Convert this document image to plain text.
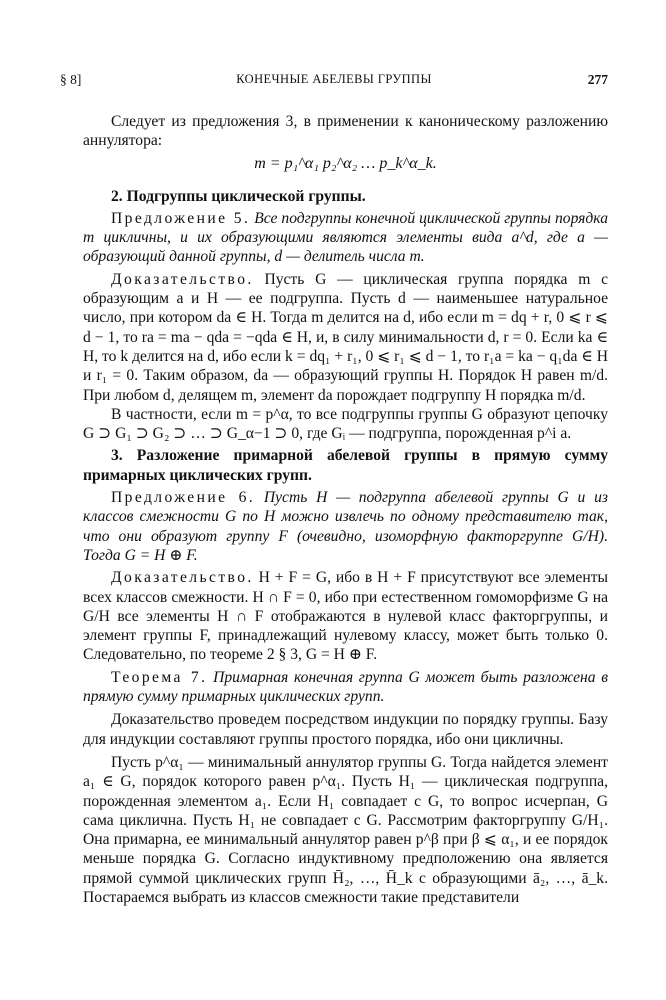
§ 8]	КОНЕЧНЫЕ АБЕЛЕВЫ ГРУППЫ	277

Следует из предложения 3, в применении к каноническому разложению аннулятора:

m = p₁^α₁ p₂^α₂ … p_k^α_k.

2. Подгруппы циклической группы.

Предложение 5. Все подгруппы конечной циклической группы порядка m цикличны, и их образующими являются элементы вида a^d, где a — образующий данной группы, d — делитель числа m.

Доказательство. Пусть G — циклическая группа порядка m с образующим a и H — ее подгруппа. Пусть d — наименьшее натуральное число, при котором da ∈ H. Тогда m делится на d, ибо если m = dq + r, 0 ⩽ r ⩽ d − 1, то ra = ma − qda = −qda ∈ H, и, в силу минимальности d, r = 0. Если ka ∈ H, то k делится на d, ибо если k = dq₁ + r₁, 0 ⩽ r₁ ⩽ d − 1, то r₁a = ka − q₁da ∈ H и r₁ = 0. Таким образом, da — образующий группы H. Порядок H равен m/d. При любом d, делящем m, элемент da порождает подгруппу H порядка m/d.

В частности, если m = p^α, то все подгруппы группы G образуют цепочку G ⊃ G₁ ⊃ G₂ ⊃ … ⊃ G_α−1 ⊃ 0, где Gᵢ — подгруппа, порожденная p^i a.

3. Разложение примарной абелевой группы в прямую сумму примарных циклических групп.

Предложение 6. Пусть H — подгруппа абелевой группы G и из классов смежности G по H можно извлечь по одному представителю так, что они образуют группу F (очевидно, изоморфную факторгруппе G/H). Тогда G = H ⊕ F.

Доказательство. H + F = G, ибо в H + F присутствуют все элементы всех классов смежности. H ∩ F = 0, ибо при естественном гомоморфизме G на G/H все элементы H ∩ F отображаются в нулевой класс факторгруппы, и элемент группы F, принадлежащий нулевому классу, может быть только 0. Следовательно, по теореме 2 § 3, G = H ⊕ F.

Теорема 7. Примарная конечная группа G может быть разложена в прямую сумму примарных циклических групп.

Доказательство проведем посредством индукции по порядку группы. Базу для индукции составляют группы простого порядка, ибо они цикличны.

Пусть p^α₁ — минимальный аннулятор группы G. Тогда найдется элемент a₁ ∈ G, порядок которого равен p^α₁. Пусть H₁ — циклическая подгруппа, порожденная элементом a₁. Если H₁ совпадает с G, то вопрос исчерпан, G сама циклична. Пусть H₁ не совпадает с G. Рассмотрим факторгруппу G/H₁. Она примарна, ее минимальный аннулятор равен p^β при β ⩽ α₁, и ее порядок меньше порядка G. Согласно индуктивному предположению она является прямой суммой циклических групп H̄₂, …, H̄_k с образующими ā₂, …, ā_k. Постараемся выбрать из классов смежности такие представители
